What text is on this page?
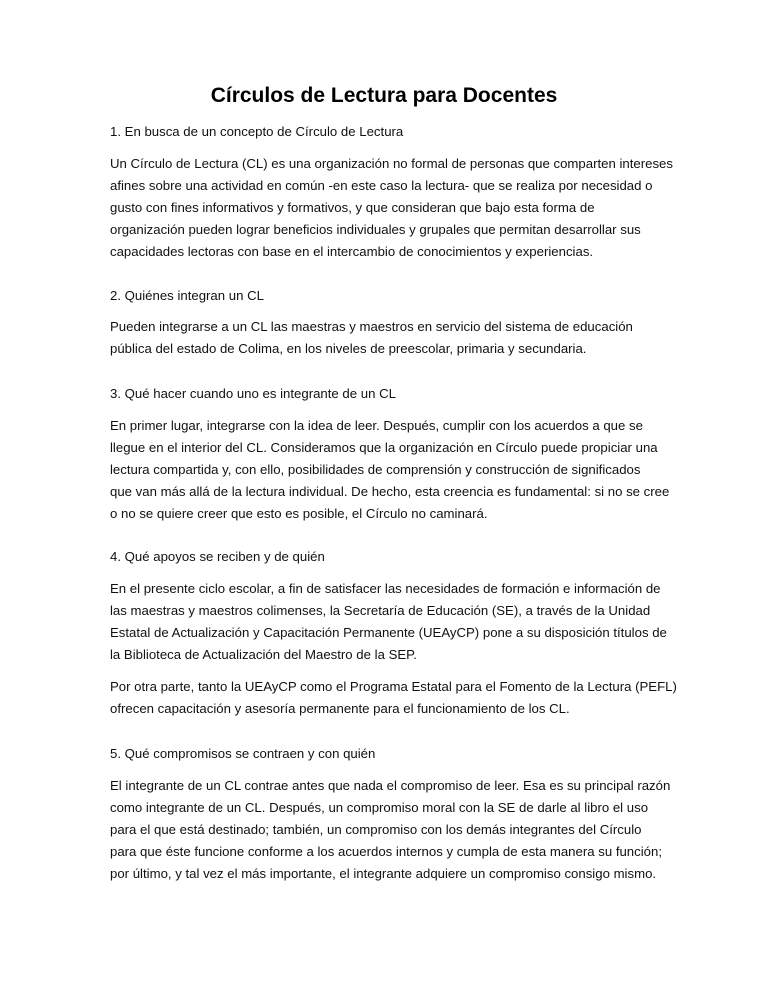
Círculos de Lectura para Docentes
1. En busca de un concepto de Círculo de Lectura
Un Círculo de Lectura (CL) es una organización no formal de personas que comparten intereses
afines sobre una actividad en común -en este caso la lectura- que se realiza por necesidad o
gusto con fines informativos y formativos, y que consideran que bajo esta forma de
organización pueden lograr beneficios individuales y grupales que permitan desarrollar sus
capacidades lectoras con base en el intercambio de conocimientos y experiencias.
2. Quiénes integran un CL
Pueden integrarse a un CL las maestras y maestros en servicio del sistema de educación
pública del estado de Colima, en los niveles de preescolar, primaria y secundaria.
3. Qué hacer cuando uno es integrante de un CL
En primer lugar, integrarse con la idea de leer. Después, cumplir con los acuerdos a que se
llegue en el interior del CL. Consideramos que la organización en Círculo puede propiciar una
lectura compartida y, con ello, posibilidades de comprensión y construcción de significados
que van más allá de la lectura individual. De hecho, esta creencia es fundamental: si no se cree
o no se quiere creer que esto es posible, el Círculo no caminará.
4. Qué apoyos se reciben y de quién
En el presente ciclo escolar, a fin de satisfacer las necesidades de formación e información de
las maestras y maestros colimenses, la Secretaría de Educación (SE), a través de la Unidad
Estatal de Actualización y Capacitación Permanente (UEAyCP) pone a su disposición títulos de
la Biblioteca de Actualización del Maestro de la SEP.
Por otra parte, tanto la UEAyCP como el Programa Estatal para el Fomento de la Lectura (PEFL)
ofrecen capacitación y asesoría permanente para el funcionamiento de los CL.
5. Qué compromisos se contraen y con quién
El integrante de un CL contrae antes que nada el compromiso de leer. Esa es su principal razón
como integrante de un CL. Después, un compromiso moral con la SE de darle al libro el uso
para el que está destinado; también, un compromiso con los demás integrantes del Círculo
para que éste funcione conforme a los acuerdos internos y cumpla de esta manera su función;
por último, y tal vez el más importante, el integrante adquiere un compromiso consigo mismo.
